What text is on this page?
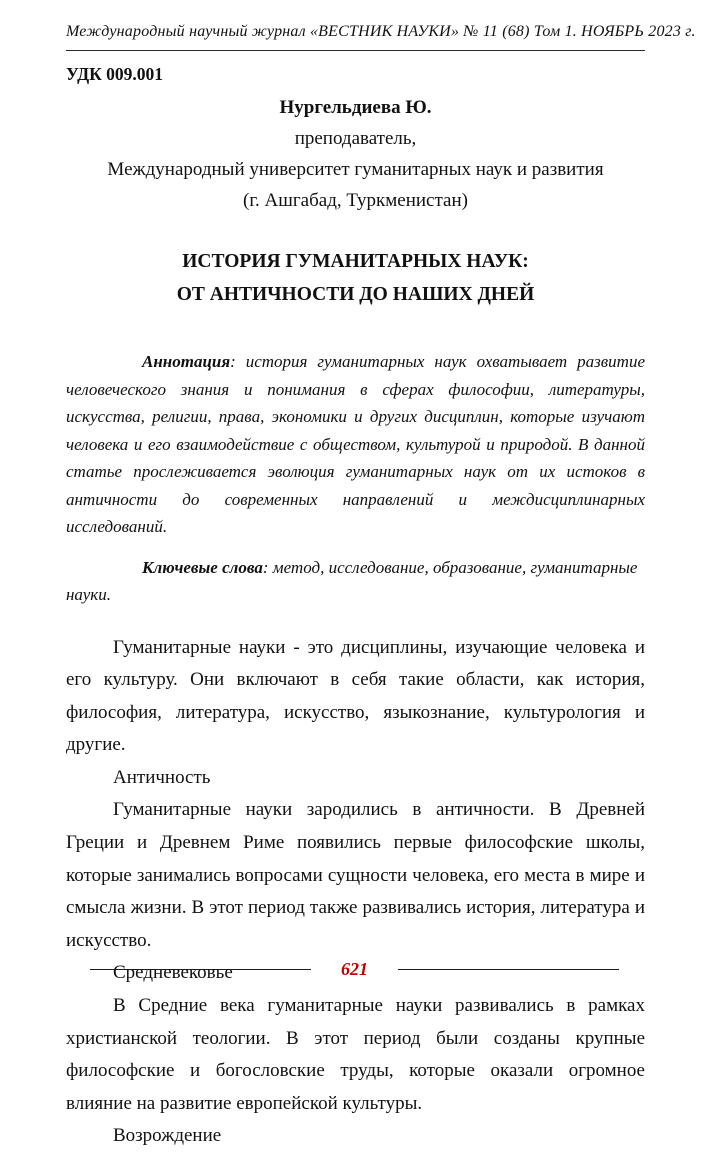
Международный научный журнал «ВЕСТНИК НАУКИ» № 11 (68) Том 1. НОЯБРЬ 2023 г.
УДК 009.001
Нургельдиева Ю.
преподаватель,
Международный университет гуманитарных наук и развития
(г. Ашгабад, Туркменистан)
ИСТОРИЯ ГУМАНИТАРНЫХ НАУК:
ОТ АНТИЧНОСТИ ДО НАШИХ ДНЕЙ

Аннотация: история гуманитарных наук охватывает развитие человеческого знания и понимания в сферах философии, литературы, искусства, религии, права, экономики и других дисциплин, которые изучают человека и его взаимодействие с обществом, культурой и природой. В данной статье прослеживается эволюция гуманитарных наук от их истоков в античности до современных направлений и междисциплинарных исследований.

Ключевые слова: метод, исследование, образование, гуманитарные науки.

Гуманитарные науки - это дисциплины, изучающие человека и его культуру. Они включают в себя такие области, как история, философия, литература, искусство, языкознание, культурология и другие.

Античность

Гуманитарные науки зародились в античности. В Древней Греции и Древнем Риме появились первые философские школы, которые занимались вопросами сущности человека, его места в мире и смысла жизни. В этот период также развивались история, литература и искусство.

Средневековье

В Средние века гуманитарные науки развивались в рамках христианской теологии. В этот период были созданы крупные философские и богословские труды, которые оказали огромное влияние на развитие европейской культуры.

Возрождение

621
